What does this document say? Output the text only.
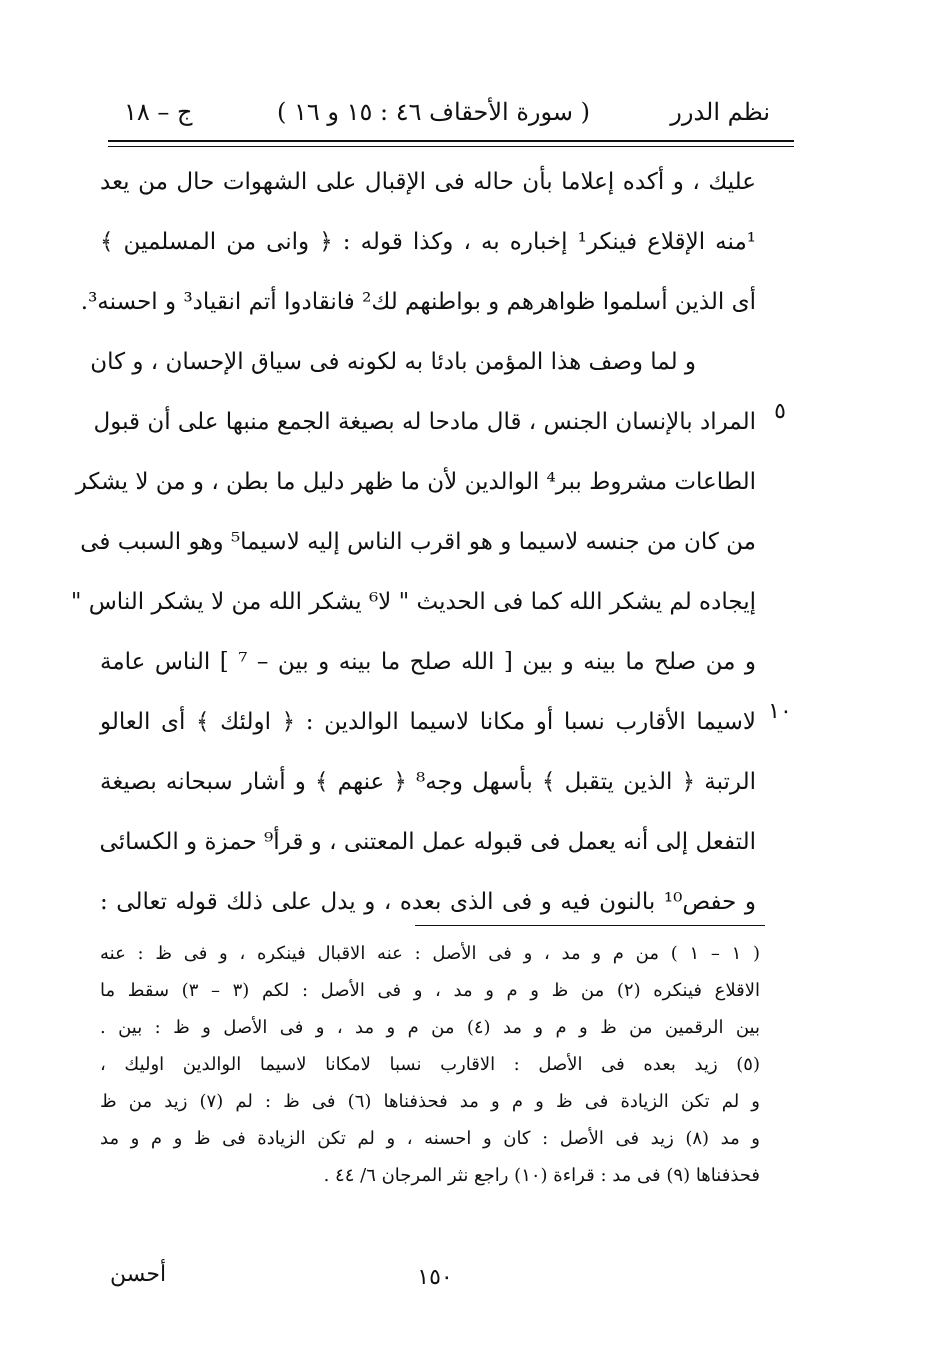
نظم الدرر
( سورة الأحقاف ٤٦ : ١٥ و ١٦ )
ج – ١٨
٥
١٠
عليك ، و أكده إعلاما بأن حاله فى الإقبال على الشهوات حال من يعد
¹منه الإقلاع فينكر¹ إخباره به ، وكذا قوله : ﴿ وانى من المسلمين ﴾
أى الذين أسلموا ظواهرهم و بواطنهم لك² فانقادوا أتم انقياد³ و احسنه³.
و لما وصف هذا المؤمن بادئا به لكونه فى سياق الإحسان ، و كان
المراد بالإنسان الجنس ، قال مادحا له بصيغة الجمع منبها على أن قبول
الطاعات مشروط ببر⁴ الوالدين لأن ما ظهر دليل ما بطن ، و من لا يشكر
من كان من جنسه لاسيما و هو اقرب الناس إليه لاسيما⁵ وهو السبب فى
إيجاده لم يشكر الله كما فى الحديث " لا⁶ يشكر الله من لا يشكر الناس "
و من صلح ما بينه و بين [ الله صلح ما بينه و بين – ⁷ ] الناس عامة
لاسيما الأقارب نسبا أو مكانا لاسيما الوالدين : ﴿ اولئك ﴾ أى العالو
الرتبة ﴿ الذين يتقبل ﴾ بأسهل وجه⁸ ﴿ عنهم ﴾ و أشار سبحانه بصيغة
التفعل إلى أنه يعمل فى قبوله عمل المعتنى ، و قرأ⁹ حمزة و الكسائى
و حفص¹⁰ بالنون فيه و فى الذى بعده ، و يدل على ذلك قوله تعالى :
( ١ – ١ ) من م و مد ، و فى الأصل : عنه الاقبال فينكره ، و فى ظ : عنه
الاقلاع فينكره (٢) من ظ و م و مد ، و فى الأصل : لكم (٣ – ٣) سقط ما
بين الرقمين من ظ و م و مد (٤) من م و مد ، و فى الأصل و ظ : بين .
(٥) زيد بعده فى الأصل : الاقارب نسبا لامكانا لاسيما الوالدين اوليك ،
و لم تكن الزيادة فى ظ و م و مد فحذفناها (٦) فى ظ : لم (٧) زيد من ظ
و مد (٨) زيد فى الأصل : كان و احسنه ، و لم تكن الزيادة فى ظ و م و مد
فحذفناها (٩) فى مد : قراءة (١٠) راجع نثر المرجان ٦/ ٤٤ .
١٥٠
أحسن
